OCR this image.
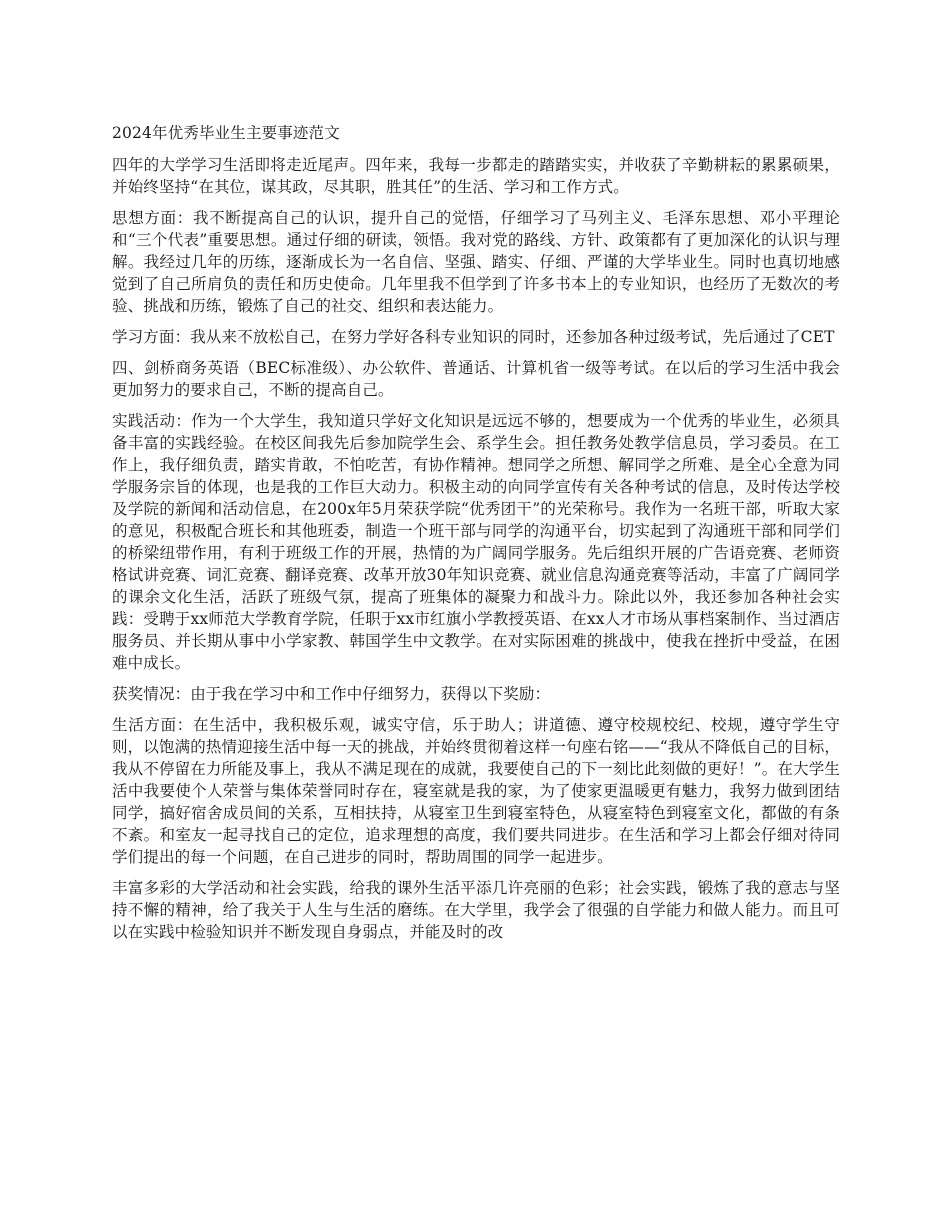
2024年优秀毕业生主要事迹范文

四年的大学学习生活即将走近尾声。四年来，我每一步都走的踏踏实实，并收获了辛勤耕耘的累累硕果，并始终坚持“在其位，谋其政，尽其职，胜其任”的生活、学习和工作方式。

思想方面：我不断提高自己的认识，提升自己的觉悟，仔细学习了马列主义、毛泽东思想、邓小平理论和“三个代表”重要思想。通过仔细的研读，领悟。我对党的路线、方针、政策都有了更加深化的认识与理解。我经过几年的历练，逐渐成长为一名自信、坚强、踏实、仔细、严谨的大学毕业生。同时也真切地感觉到了自己所肩负的责任和历史使命。几年里我不但学到了许多书本上的专业知识，也经历了无数次的考验、挑战和历练，锻炼了自己的社交、组织和表达能力。

学习方面：我从来不放松自己，在努力学好各科专业知识的同时，还参加各种过级考试，先后通过了CET

四、剑桥商务英语（BEC标准级）、办公软件、普通话、计算机省一级等考试。在以后的学习生活中我会更加努力的要求自己，不断的提高自己。

实践活动：作为一个大学生，我知道只学好文化知识是远远不够的，想要成为一个优秀的毕业生，必须具备丰富的实践经验。在校区间我先后参加院学生会、系学生会。担任教务处教学信息员，学习委员。在工作上，我仔细负责，踏实肯敢，不怕吃苦，有协作精神。想同学之所想、解同学之所难、是全心全意为同学服务宗旨的体现，也是我的工作巨大动力。积极主动的向同学宣传有关各种考试的信息，及时传达学校及学院的新闻和活动信息，在200x年5月荣获学院“优秀团干”的光荣称号。我作为一名班干部，听取大家的意见，积极配合班长和其他班委，制造一个班干部与同学的沟通平台，切实起到了沟通班干部和同学们的桥梁纽带作用，有利于班级工作的开展，热情的为广阔同学服务。先后组织开展的广告语竞赛、老师资格试讲竞赛、词汇竞赛、翻译竞赛、改革开放30年知识竞赛、就业信息沟通竞赛等活动，丰富了广阔同学的课余文化生活，活跃了班级气氛，提高了班集体的凝聚力和战斗力。除此以外，我还参加各种社会实践：受聘于xx师范大学教育学院，任职于xx市红旗小学教授英语、在xx人才市场从事档案制作、当过酒店服务员、并长期从事中小学家教、韩国学生中文教学。在对实际困难的挑战中，使我在挫折中受益，在困难中成长。

获奖情况：由于我在学习中和工作中仔细努力，获得以下奖励：

生活方面：在生活中，我积极乐观，诚实守信，乐于助人；讲道德、遵守校规校纪、校规，遵守学生守则，以饱满的热情迎接生活中每一天的挑战，并始终贯彻着这样一句座右铭——“我从不降低自己的目标，我从不停留在力所能及事上，我从不满足现在的成就，我要使自己的下一刻比此刻做的更好！”。在大学生活中我要使个人荣誉与集体荣誉同时存在，寝室就是我的家，为了使家更温暖更有魅力，我努力做到团结同学，搞好宿舍成员间的关系，互相扶持，从寝室卫生到寝室特色，从寝室特色到寝室文化，都做的有条不紊。和室友一起寻找自己的定位，追求理想的高度，我们要共同进步。在生活和学习上都会仔细对待同学们提出的每一个问题，在自己进步的同时，帮助周围的同学一起进步。

丰富多彩的大学活动和社会实践，给我的课外生活平添几许亮丽的色彩；社会实践，锻炼了我的意志与坚持不懈的精神，给了我关于人生与生活的磨练。在大学里，我学会了很强的自学能力和做人能力。而且可以在实践中检验知识并不断发现自身弱点，并能及时的改
